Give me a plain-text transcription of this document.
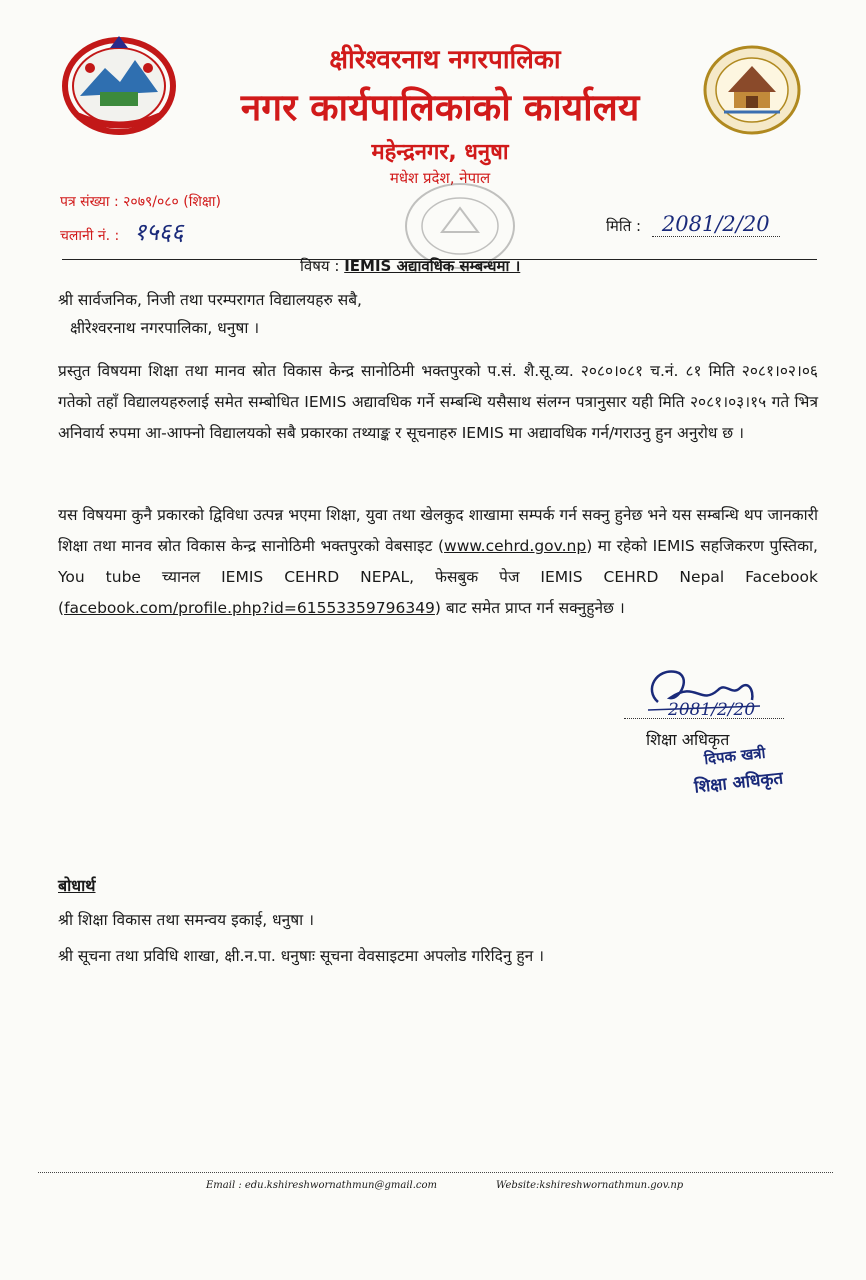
क्षीरेश्वरनाथ नगरपालिका
नगर कार्यपालिकाको कार्यालय
महेन्द्रनगर, धनुषा
मधेश प्रदेश, नेपाल
पत्र संख्या : २०७९/०८० (शिक्षा)
चलानी नं. : १५६६	मिति : 2081/2/20
विषय : IEMIS अद्यावधिक सम्बन्धमा ।
श्री सार्वजनिक, निजी तथा परम्परागत विद्यालयहरु सबै,
क्षीरेश्वरनाथ नगरपालिका, धनुषा ।
प्रस्तुत विषयमा शिक्षा तथा मानव स्रोत विकास केन्द्र सानोठिमी भक्तपुरको प.सं. शै.सू.व्य. २०८०।०८१ च.नं. ८१ मिति २०८१।०२।०६ गतेको तहाँ विद्यालयहरुलाई समेत सम्बोधित IEMIS अद्यावधिक गर्ने सम्बन्धि यसैसाथ संलग्न पत्रानुसार यही मिति २०८१।०३।१५ गते भित्र अनिवार्य रुपमा आ-आफ्नो विद्यालयको सबै प्रकारका तथ्याङ्क र सूचनाहरु IEMIS मा अद्यावधिक गर्न/गराउनु हुन अनुरोध छ ।
यस विषयमा कुनै प्रकारको द्विविधा उत्पन्न भएमा शिक्षा, युवा तथा खेलकुद शाखामा सम्पर्क गर्न सक्नु हुनेछ भने यस सम्बन्धि थप जानकारी शिक्षा तथा मानव स्रोत विकास केन्द्र सानोठिमी भक्तपुरको वेबसाइट (www.cehrd.gov.np) मा रहेको IEMIS सहजिकरण पुस्तिका, You tube च्यानल IEMIS CEHRD NEPAL, फेसबुक पेज IEMIS CEHRD Nepal Facebook (facebook.com/profile.php?id=61553359796349) बाट समेत प्राप्त गर्न सक्नुहुनेछ ।
2081/2/20
शिक्षा अधिकृत
दिपक खत्री
शिक्षा अधिकृत
बोधार्थ
श्री शिक्षा विकास तथा समन्वय इकाई, धनुषा ।
श्री सूचना तथा प्रविधि शाखा, क्षी.न.पा. धनुषाः सूचना वेवसाइटमा अपलोड गरिदिनु हुन ।
Email : edu.kshireshwornathmun@gmail.com	Website:kshireshwornathmun.gov.np
